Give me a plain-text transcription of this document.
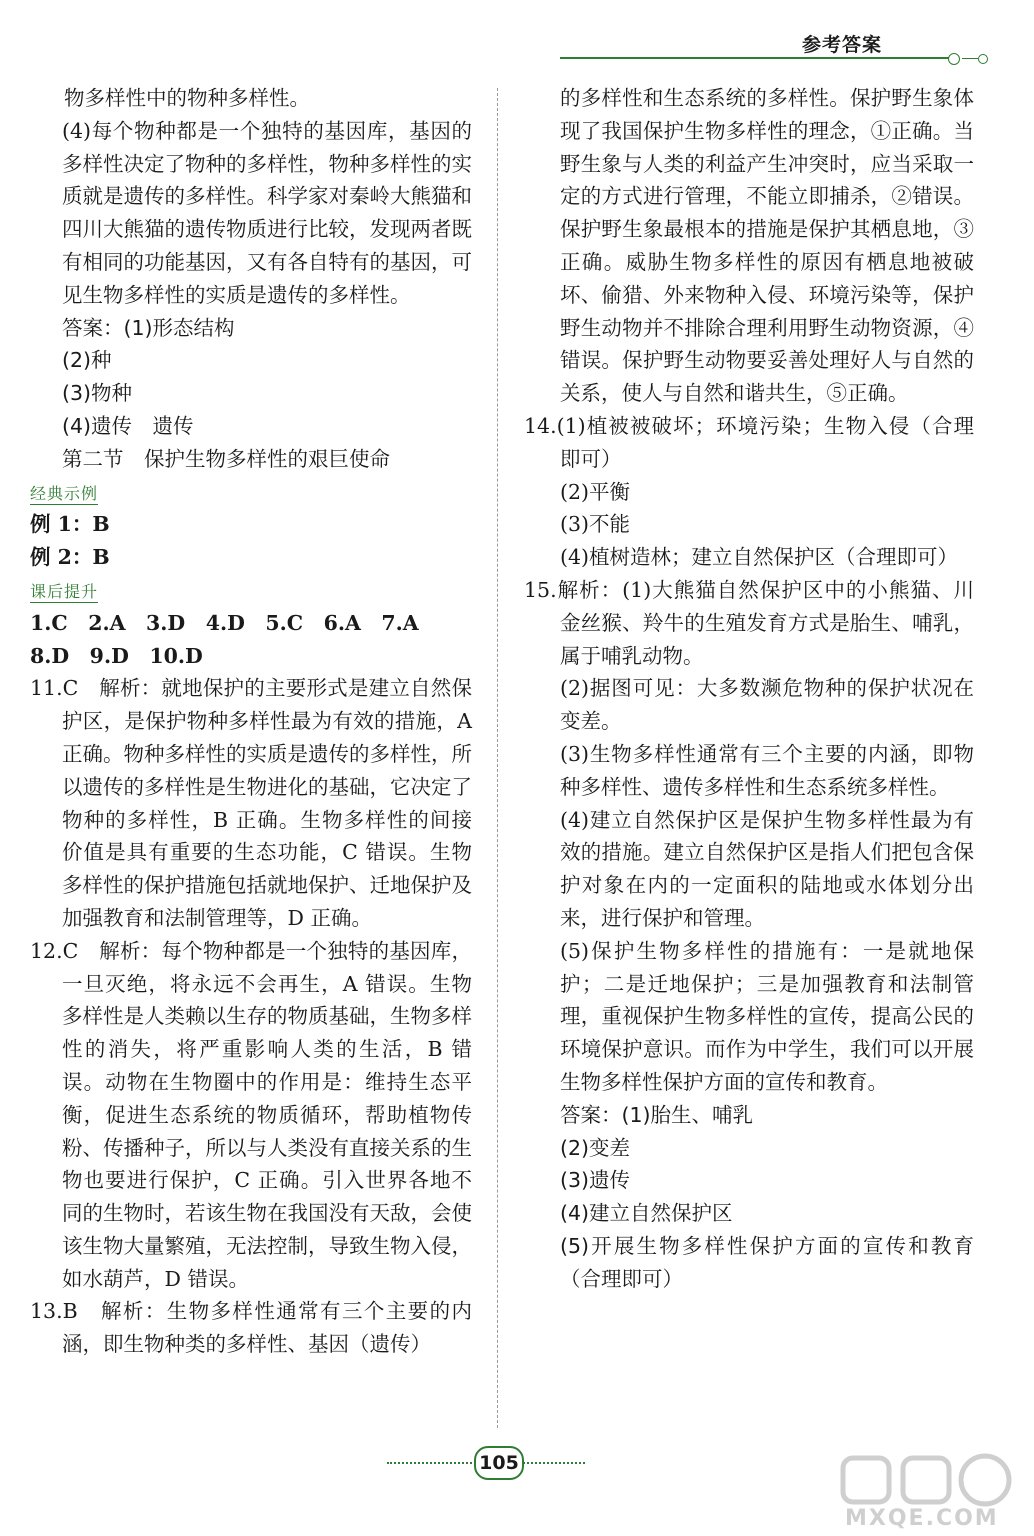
参考答案

物多样性中的物种多样性。

(4)每个物种都是一个独特的基因库，基因的多样性决定了物种的多样性，物种多样性的实质就是遗传的多样性。科学家对秦岭大熊猫和四川大熊猫的遗传物质进行比较，发现两者既有相同的功能基因，又有各自特有的基因，可见生物多样性的实质是遗传的多样性。

答案：(1)形态结构

(2)种

(3)物种

(4)遗传　遗传

第二节　保护生物多样性的艰巨使命

经典示例

例 1：B

例 2：B

课后提升

1.C　2.A　3.D　4.D　5.C　6.A　7.A

8.D　9.D　10.D

11.C　解析：就地保护的主要形式是建立自然保护区，是保护物种多样性最为有效的措施，A 正确。物种多样性的实质是遗传的多样性，所以遗传的多样性是生物进化的基础，它决定了物种的多样性，B 正确。生物多样性的间接价值是具有重要的生态功能，C 错误。生物多样性的保护措施包括就地保护、迁地保护及加强教育和法制管理等，D 正确。

12.C　解析：每个物种都是一个独特的基因库，一旦灭绝，将永远不会再生，A 错误。生物多样性是人类赖以生存的物质基础，生物多样性的消失，将严重影响人类的生活，B 错误。动物在生物圈中的作用是：维持生态平衡，促进生态系统的物质循环，帮助植物传粉、传播种子，所以与人类没有直接关系的生物也要进行保护，C 正确。引入世界各地不同的生物时，若该生物在我国没有天敌，会使该生物大量繁殖，无法控制，导致生物入侵，如水葫芦，D 错误。

13.B　解析：生物多样性通常有三个主要的内涵，即生物种类的多样性、基因（遗传）

的多样性和生态系统的多样性。保护野生象体现了我国保护生物多样性的理念，①正确。当野生象与人类的利益产生冲突时，应当采取一定的方式进行管理，不能立即捕杀，②错误。保护野生象最根本的措施是保护其栖息地，③正确。威胁生物多样性的原因有栖息地被破坏、偷猎、外来物种入侵、环境污染等，保护野生动物并不排除合理利用野生动物资源，④错误。保护野生动物要妥善处理好人与自然的关系，使人与自然和谐共生，⑤正确。

14.(1)植被被破坏；环境污染；生物入侵（合理即可）

(2)平衡

(3)不能

(4)植树造林；建立自然保护区（合理即可）

15.解析：(1)大熊猫自然保护区中的小熊猫、川金丝猴、羚牛的生殖发育方式是胎生、哺乳，属于哺乳动物。

(2)据图可见：大多数濒危物种的保护状况在变差。

(3)生物多样性通常有三个主要的内涵，即物种多样性、遗传多样性和生态系统多样性。

(4)建立自然保护区是保护生物多样性最为有效的措施。建立自然保护区是指人们把包含保护对象在内的一定面积的陆地或水体划分出来，进行保护和管理。

(5)保护生物多样性的措施有：一是就地保护；二是迁地保护；三是加强教育和法制管理，重视保护生物多样性的宣传，提高公民的环境保护意识。而作为中学生，我们可以开展生物多样性保护方面的宣传和教育。

答案：(1)胎生、哺乳

(2)变差

(3)遗传

(4)建立自然保护区

(5)开展生物多样性保护方面的宣传和教育（合理即可）

105
MXQE.COM
